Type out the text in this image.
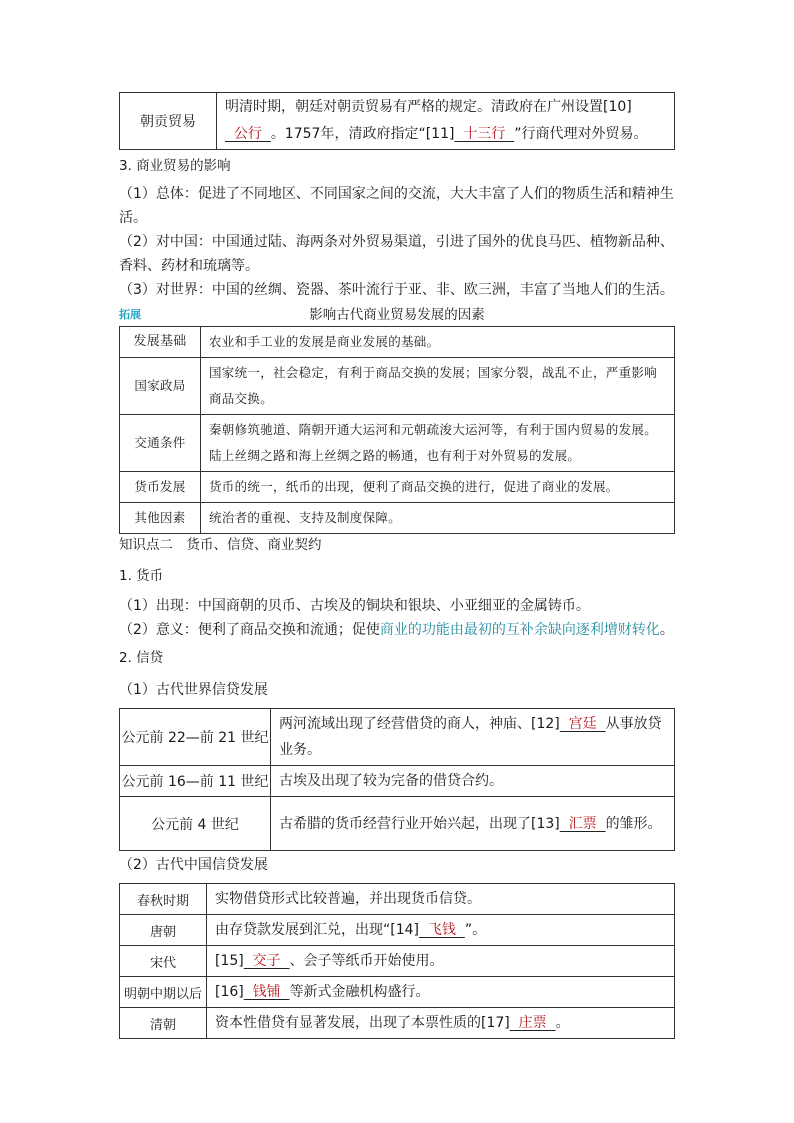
朝贡贸易	明清时期，朝廷对朝贡贸易有严格的规定。清政府在广州设置[10]  公行  。1757年，清政府指定“[11]  十三行  ”行商代理对外贸易。

3. 商业贸易的影响

（1）总体：促进了不同地区、不同国家之间的交流，大大丰富了人们的物质生活和精神生

活。

（2）对中国：中国通过陆、海两条对外贸易渠道，引进了国外的优良马匹、植物新品种、

香料、药材和琉璃等。

（3）对世界：中国的丝绸、瓷器、茶叶流行于亚、非、欧三洲，丰富了当地人们的生活。

拓展	影响古代商业贸易发展的因素
发展基础	农业和手工业的发展是商业发展的基础。
国家政局	国家统一，社会稳定，有利于商品交换的发展；国家分裂，战乱不止，严重影响商品交换。
交通条件	秦朝修筑驰道、隋朝开通大运河和元朝疏浚大运河等，有利于国内贸易的发展。陆上丝绸之路和海上丝绸之路的畅通，也有利于对外贸易的发展。
货币发展	货币的统一，纸币的出现，便利了商品交换的进行，促进了商业的发展。
其他因素	统治者的重视、支持及制度保障。

知识点二　货币、信贷、商业契约

1. 货币

（1）出现：中国商朝的贝币、古埃及的铜块和银块、小亚细亚的金属铸币。

（2）意义：便利了商品交换和流通；促使商业的功能由最初的互补余缺向逐利增财转化。

2. 信贷

（1）古代世界信贷发展

公元前 22—前 21 世纪	两河流域出现了经营借贷的商人，神庙、[12]  宫廷  从事放贷业务。
公元前 16—前 11 世纪	古埃及出现了较为完备的借贷合约。
公元前 4 世纪	古希腊的货币经营行业开始兴起，出现了[13]  汇票  的雏形。

（2）古代中国信贷发展

春秋时期	实物借贷形式比较普遍，并出现货币信贷。
唐朝	由存贷款发展到汇兑，出现“[14]  飞钱  ”。
宋代	[15]  交子  、会子等纸币开始使用。
明朝中期以后	[16]  钱铺  等新式金融机构盛行。
清朝	资本性借贷有显著发展，出现了本票性质的[17]  庄票  。
